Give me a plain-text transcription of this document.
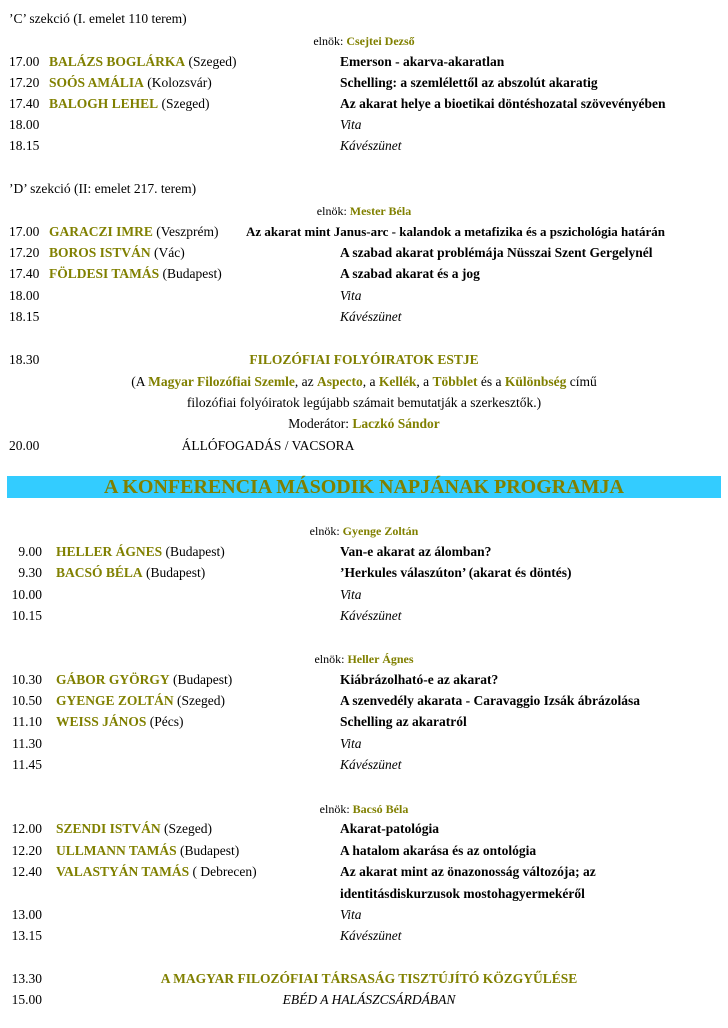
’C’ szekció (I. emelet 110 terem)
elnök: Csejtei Dezső
17.00 BALÁZS BOGLÁRKA (Szeged)	Emerson - akarva-akaratlan
17.20 SOÓS AMÁLIA (Kolozsvár)	Schelling: a szemlélettől az abszolút akaratig
17.40 BALOGH LEHEL (Szeged)	Az akarat helye a bioetikai döntéshozatal szövevényében
18.00	Vita
18.15	Kávészünet
’D’ szekció (II: emelet 217. terem)
elnök: Mester Béla
17.00 GARACZI IMRE (Veszprém) Az akarat mint Janus-arc - kalandok a metafizika és a pszichológia határán
17.20 BOROS ISTVÁN (Vác)	A szabad akarat problémája Nüsszai Szent Gergelynél
17.40 FÖLDESI TAMÁS (Budapest)	A szabad akarat és a jog
18.00	Vita
18.15	Kávészünet
18.30	FILOZÓFIAI FOLYÓIRATOK ESTJE
(A Magyar Filozófiai Szemle, az Aspecto, a Kellék, a Többlet és a Különbség című
filozófiai folyóiratok legújabb számait bemutatják a szerkesztők.)
Moderátor: Laczkó Sándor
20.00	ÁLLÓFOGADÁS / VACSORA
A KONFERENCIA MÁSODIK NAPJÁNAK PROGRAMJA
elnök: Gyenge Zoltán
9.00 HELLER ÁGNES (Budapest)	Van-e akarat az álomban?
9.30 BACSÓ BÉLA (Budapest)	’Herkules válaszúton’ (akarat és döntés)
10.00	Vita
10.15	Kávészünet
elnök: Heller Ágnes
10.30 GÁBOR GYÖRGY (Budapest)	Kiábrázolható-e az akarat?
10.50 GYENGE ZOLTÁN (Szeged)	A szenvedély akarata - Caravaggio Izsák ábrázolása
11.10 WEISS JÁNOS (Pécs)	Schelling az akaratról
11.30	Vita
11.45	Kávészünet
elnök: Bacsó Béla
12.00 SZENDI ISTVÁN (Szeged)	Akarat-patológia
12.20 ULLMANN TAMÁS (Budapest)	A hatalom akarása és az ontológia
12.40 VALASTYÁN TAMÁS ( Debrecen)	Az akarat mint az önazonosság változója; az
identitásdiskurzusok mostohagyermekéről
13.00	Vita
13.15	Kávészünet
13.30	A MAGYAR FILOZÓFIAI TÁRSASÁG TISZTÚJÍTÓ KÖZGYŰLÉSE
15.00	EBÉD A HALÁSZCSÁRDÁBAN
